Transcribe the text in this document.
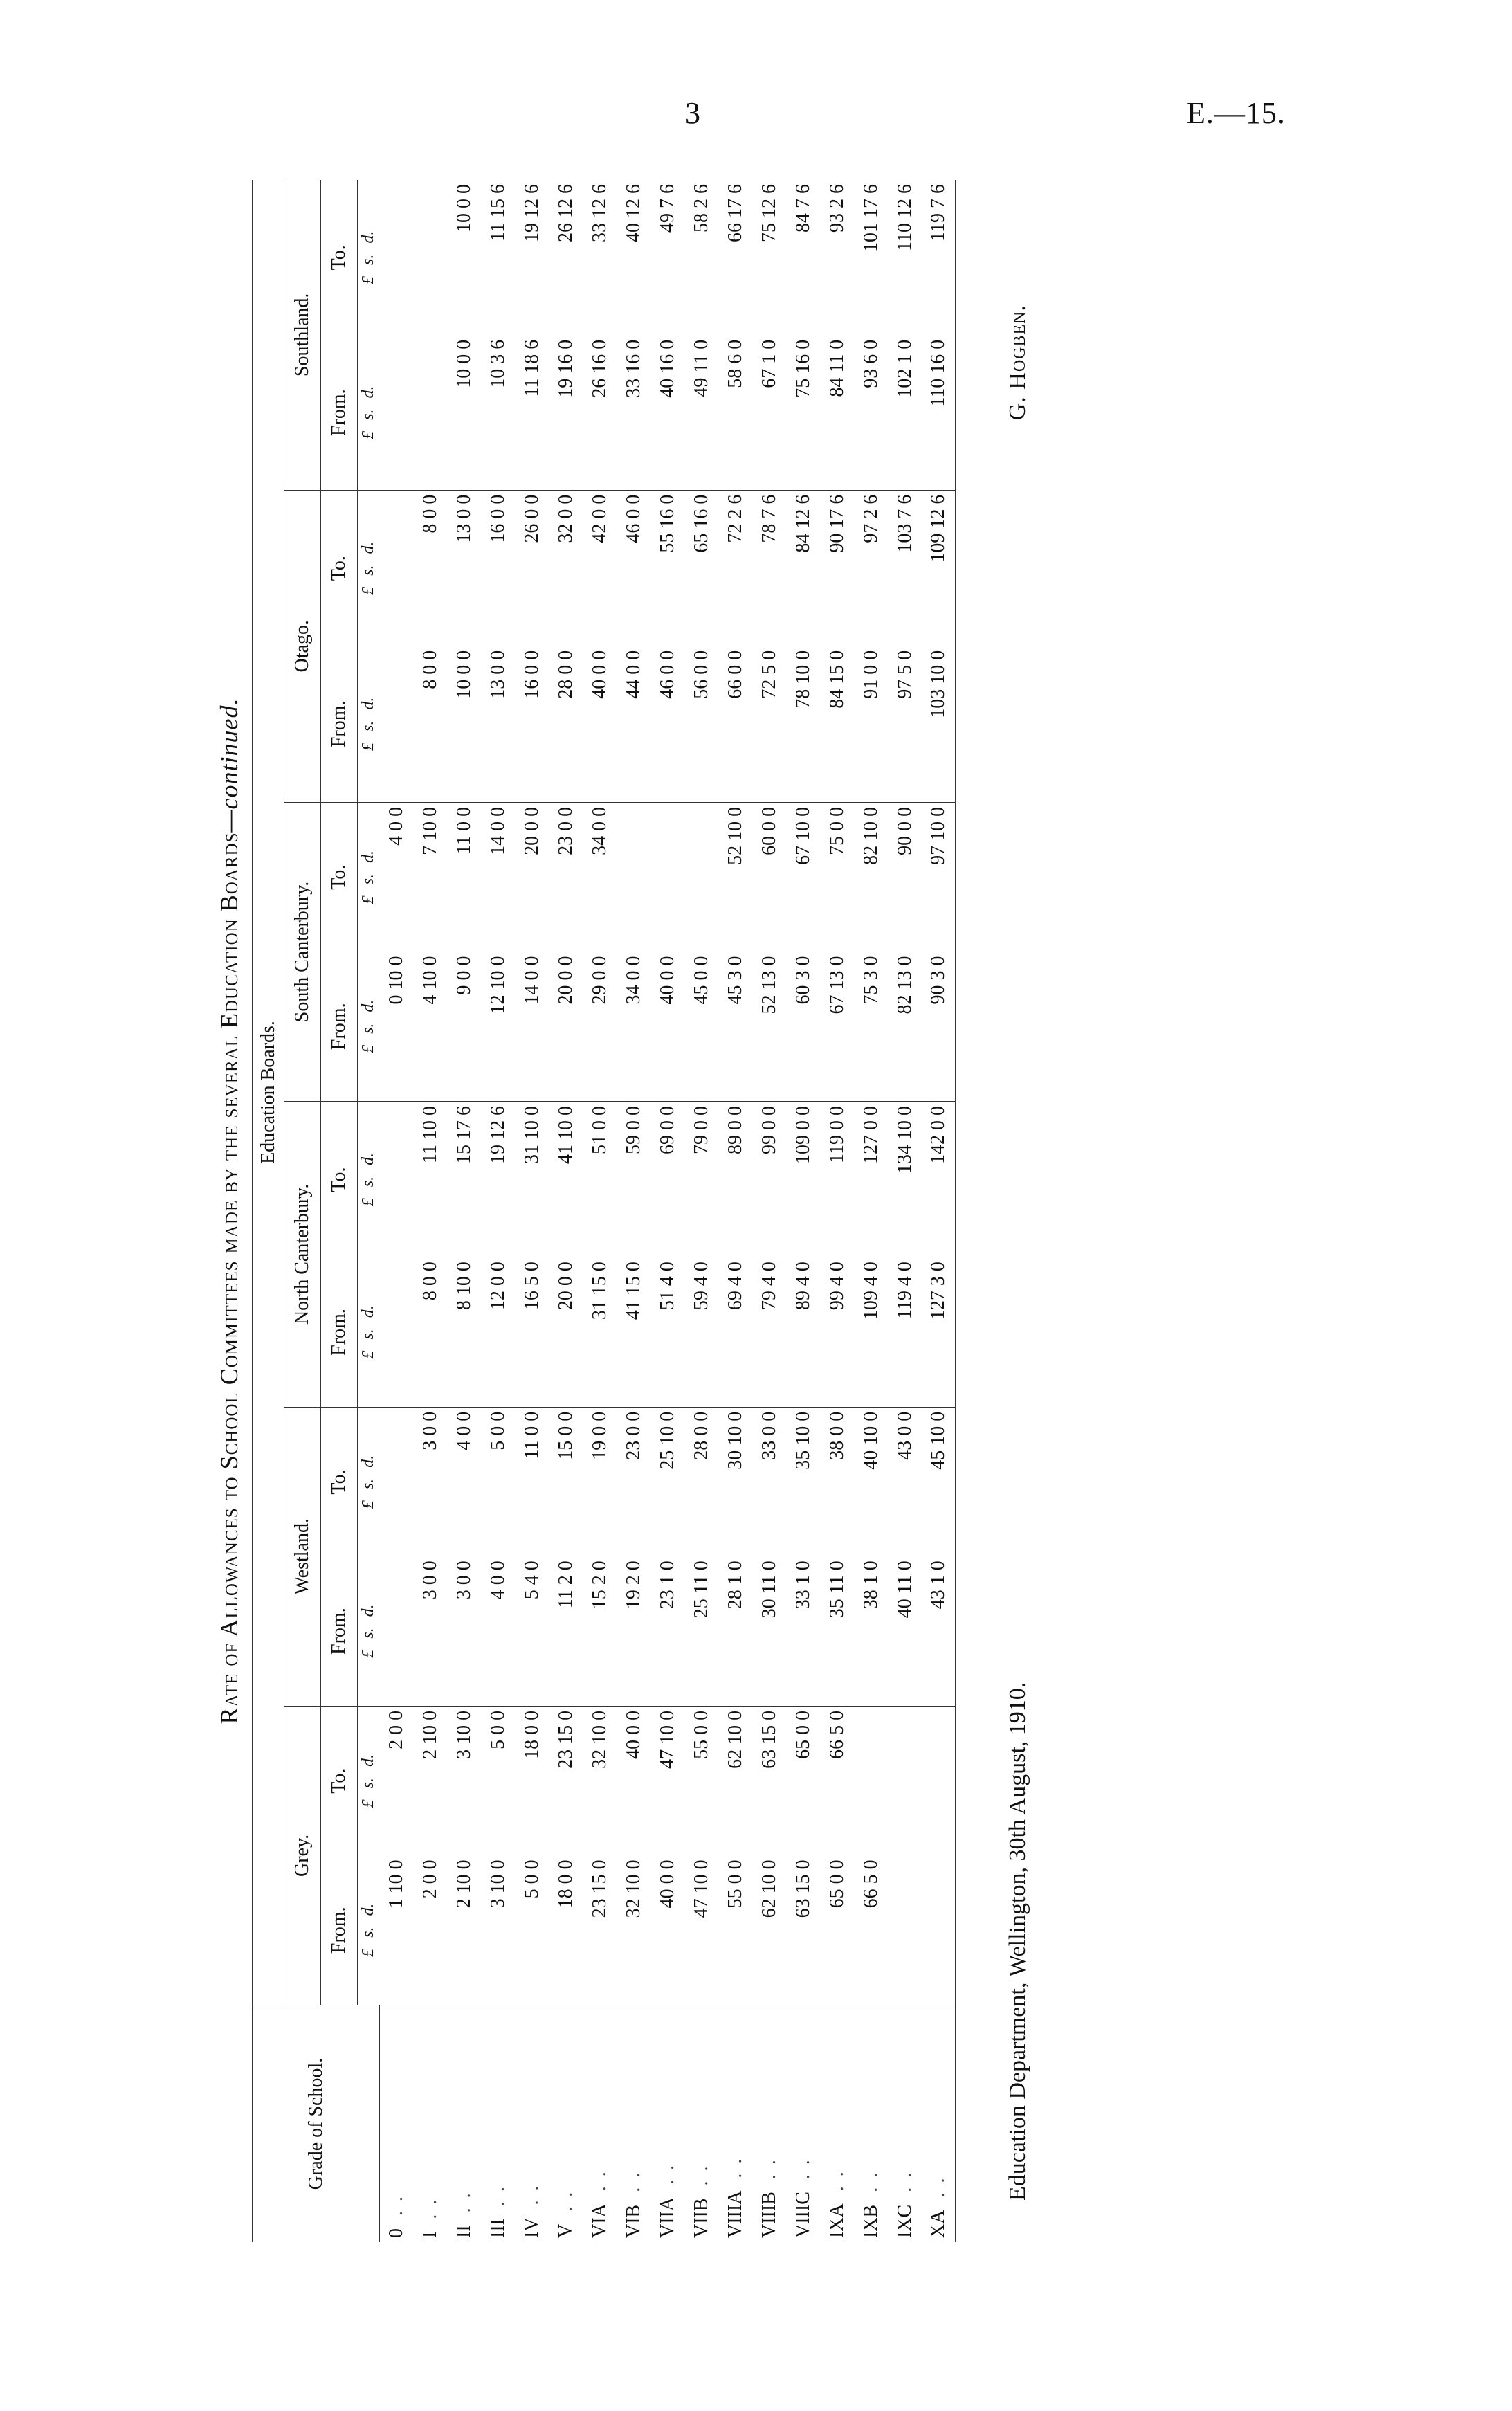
3	E.—15.
Rate of Allowances to School Committees made by the several Education Boards—continued.
Grade of School.	Education Boards.											
	Grey.		Westland.		North Canterbury.		South Canterbury.		Otago.		Southland.	
	From.	To.	From.	To.	From.	To.	From.	To.	From.	To.	From.	To.
	£s.d.	£s.d.	£s.d.	£s.d.	£s.d.	£s.d.	£s.d.	£s.d.	£s.d.	£s.d.	£s.d.	£s.d.
0..	1 10 0	2 0 0					0 10 0	4 0 0				
I..	2 0 0	2 10 0	3 0 0	3 0 0	8 0 0	11 10 0	4 10 0	7 10 0	8 0 0	8 0 0		
II..	2 10 0	3 10 0	3 0 0	4 0 0	8 10 0	15 17 6	9 0 0	11 0 0	10 0 0	13 0 0	10 0 0	10 0 0
III..	3 10 0	5 0 0	4 0 0	5 0 0	12 0 0	19 12 6	12 10 0	14 0 0	13 0 0	16 0 0	10 3 6	11 15 6
IV..	5 0 0	18 0 0	5 4 0	11 0 0	16 5 0	31 10 0	14 0 0	20 0 0	16 0 0	26 0 0	11 18 6	19 12 6
V..	18 0 0	23 15 0	11 2 0	15 0 0	20 0 0	41 10 0	20 0 0	23 0 0	28 0 0	32 0 0	19 16 0	26 12 6
VIA..	23 15 0	32 10 0	15 2 0	19 0 0	31 15 0	51 0 0	29 0 0	34 0 0	40 0 0	42 0 0	26 16 0	33 12 6
VIB..	32 10 0	40 0 0	19 2 0	23 0 0	41 15 0	59 0 0	34 0 0		44 0 0	46 0 0	33 16 0	40 12 6
VIIA..	40 0 0	47 10 0	23 1 0	25 10 0	51 4 0	69 0 0	40 0 0		46 0 0	55 16 0	40 16 0	49 7 6
VIIB..	47 10 0	55 0 0	25 11 0	28 0 0	59 4 0	79 0 0	45 0 0		56 0 0	65 16 0	49 11 0	58 2 6
VIIIA..	55 0 0	62 10 0	28 1 0	30 10 0	69 4 0	89 0 0	45 3 0	52 10 0	66 0 0	72 2 6	58 6 0	66 17 6
VIIIB..	62 10 0	63 15 0	30 11 0	33 0 0	79 4 0	99 0 0	52 13 0	60 0 0	72 5 0	78 7 6	67 1 0	75 12 6
VIIIC..	63 15 0	65 0 0	33 1 0	35 10 0	89 4 0	109 0 0	60 3 0	67 10 0	78 10 0	84 12 6	75 16 0	84 7 6
IXA..	65 0 0	66 5 0	35 11 0	38 0 0	99 4 0	119 0 0	67 13 0	75 0 0	84 15 0	90 17 6	84 11 0	93 2 6
IXB..	66 5 0		38 1 0	40 10 0	109 4 0	127 0 0	75 3 0	82 10 0	91 0 0	97 2 6	93 6 0	101 17 6
IXC..			40 11 0	43 0 0	119 4 0	134 10 0	82 13 0	90 0 0	97 5 0	103 7 6	102 1 0	110 12 6
XA..			43 1 0	45 10 0	127 3 0	142 0 0	90 3 0	97 10 0	103 10 0	109 12 6	110 16 0	119 7 6
Education Department, Wellington, 30th August, 1910.
G. Hogben.
